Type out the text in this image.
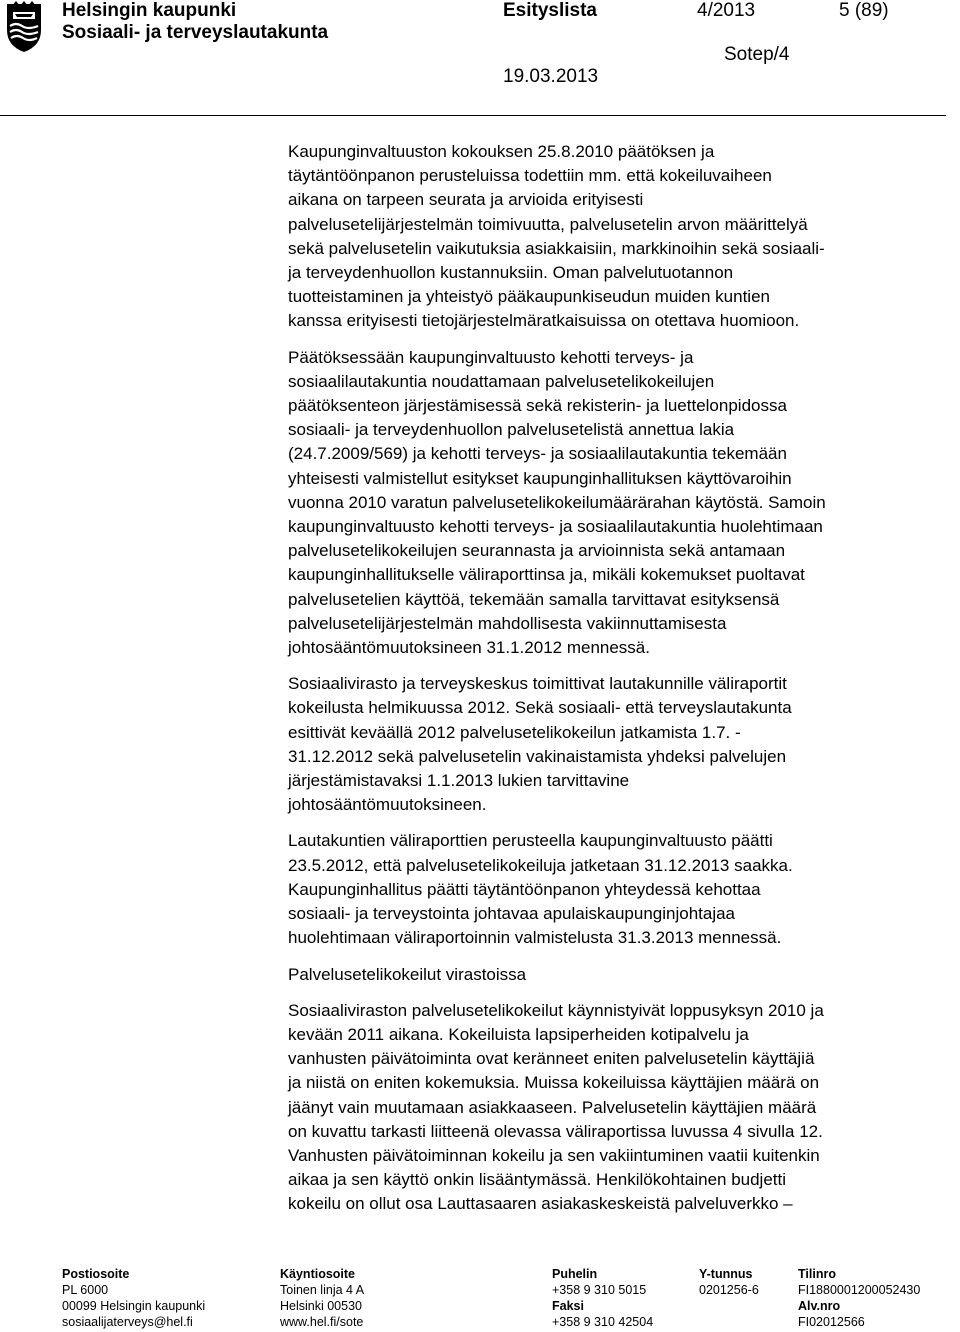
Helsingin kaupunki
Sosiaali- ja terveyslautakunta
Esityslista	4/2013	5 (89)
Sotep/4
19.03.2013

Kaupunginvaltuuston kokouksen 25.8.2010 päätöksen ja
täytäntöönpanon perusteluissa todettiin mm. että kokeiluvaiheen
aikana on tarpeen seurata ja arvioida erityisesti
palvelusetelijärjestelmän toimivuutta, palvelusetelin arvon määrittelyä
sekä palvelusetelin vaikutuksia asiakkaisiin, markkinoihin sekä sosiaali-
ja terveydenhuollon kustannuksiin. Oman palvelutuotannon
tuotteistaminen ja yhteistyö pääkaupunkiseudun muiden kuntien
kanssa erityisesti tietojärjestelmäratkaisuissa on otettava huomioon.

Päätöksessään kaupunginvaltuusto kehotti terveys- ja
sosiaalilautakuntia noudattamaan palvelusetelikokeilujen
päätöksenteon järjestämisessä sekä rekisterin- ja luettelonpidossa
sosiaali- ja terveydenhuollon palvelusetelistä annettua lakia
(24.7.2009/569) ja kehotti terveys- ja sosiaalilautakuntia tekemään
yhteisesti valmistellut esitykset kaupunginhallituksen käyttövaroihin
vuonna 2010 varatun palvelusetelikokeilumäärärahan käytöstä. Samoin
kaupunginvaltuusto kehotti terveys- ja sosiaalilautakuntia huolehtimaan
palvelusetelikokeilujen seurannasta ja arvioinnista sekä antamaan
kaupunginhallitukselle väliraporttinsa ja, mikäli kokemukset puoltavat
palvelusetelien käyttöä, tekemään samalla tarvittavat esityksensä
palvelusetelijärjestelmän mahdollisesta vakiinnuttamisesta
johtosääntömuutoksineen 31.1.2012 mennessä.

Sosiaalivirasto ja terveyskeskus toimittivat lautakunnille väliraportit
kokeilusta helmikuussa 2012. Sekä sosiaali- että terveyslautakunta
esittivät keväällä 2012 palvelusetelikokeilun jatkamista 1.7. -
31.12.2012 sekä palvelusetelin vakinaistamista yhdeksi palvelujen
järjestämistavaksi 1.1.2013 lukien tarvittavine
johtosääntömuutoksineen.

Lautakuntien väliraporttien perusteella kaupunginvaltuusto päätti
23.5.2012, että palvelusetelikokeiluja jatketaan 31.12.2013 saakka.
Kaupunginhallitus päätti täytäntöönpanon yhteydessä kehottaa
sosiaali- ja terveystointa johtavaa apulaiskaupunginjohtajaa
huolehtimaan väliraportoinnin valmistelusta 31.3.2013 mennessä.

Palvelusetelikokeilut virastoissa

Sosiaaliviraston palvelusetelikokeilut käynnistyivät loppusyksyn 2010 ja
kevään 2011 aikana. Kokeiluista lapsiperheiden kotipalvelu ja
vanhusten päivätoiminta ovat keränneet eniten palvelusetelin käyttäjiä
ja niistä on eniten kokemuksia. Muissa kokeiluissa käyttäjien määrä on
jäänyt vain muutamaan asiakkaaseen. Palvelusetelin käyttäjien määrä
on kuvattu tarkasti liitteenä olevassa väliraportissa luvussa 4 sivulla 12.
Vanhusten päivätoiminnan kokeilu ja sen vakiintuminen vaatii kuitenkin
aikaa ja sen käyttö onkin lisääntymässä. Henkilökohtainen budjetti
kokeilu on ollut osa Lauttasaaren asiakaskeskeistä palveluverkko –

Postiosoite
PL 6000
00099 Helsingin kaupunki
sosiaalijaterveys@hel.fi
Käyntiosoite
Toinen linja 4 A
Helsinki 00530
www.hel.fi/sote
Puhelin
+358 9 310 5015
Faksi
+358 9 310 42504
Y-tunnus
0201256-6
Tilinro
FI1880001200052430
Alv.nro
FI02012566
